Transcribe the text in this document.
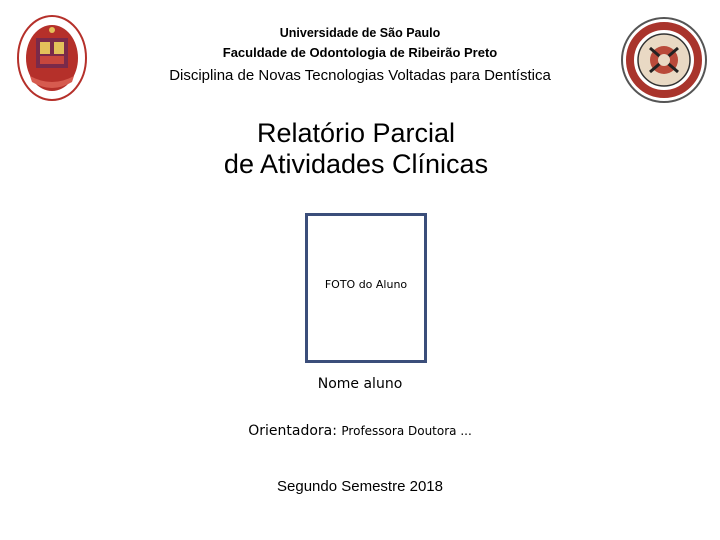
Universidade de São Paulo
Faculdade de Odontologia de Ribeirão Preto
Disciplina de Novas Tecnologias Voltadas para Dentística
Relatório Parcial
de Atividades Clínicas
FOTO do Aluno
Nome aluno
Orientadora: Professora Doutora ...
Segundo Semestre 2018
